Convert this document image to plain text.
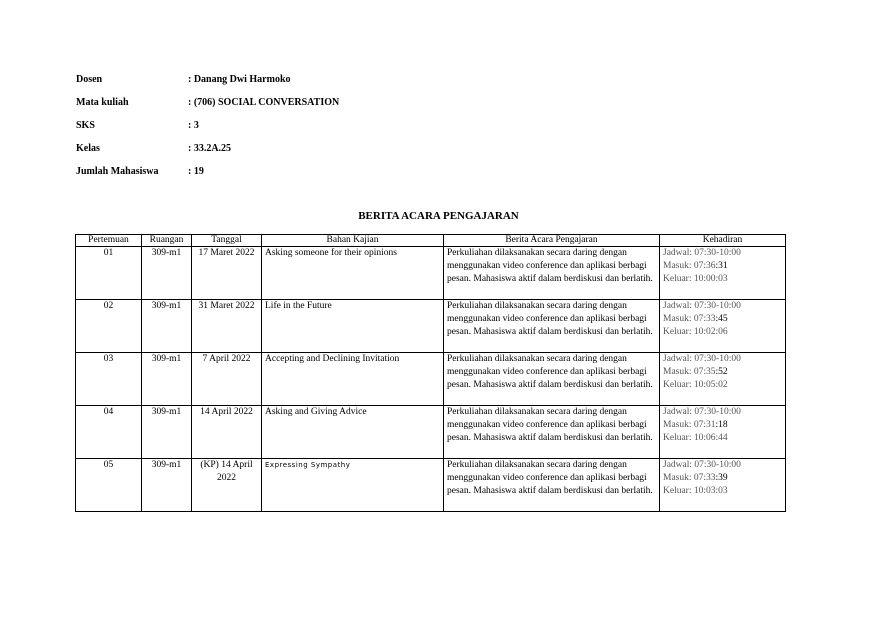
Dosen	: Danang Dwi Harmoko
Mata kuliah	: (706) SOCIAL CONVERSATION
SKS	: 3
Kelas	: 33.2A.25
Jumlah Mahasiswa	: 19
BERITA ACARA PENGAJARAN
Pertemuan	Ruangan	Tanggal	Bahan Kajian	Berita Acara Pengajaran	Kehadiran
01	309-m1	17 Maret 2022	Asking someone for their opinions	Perkuliahan dilaksanakan secara daring dengan menggunakan video conference dan aplikasi berbagi pesan. Mahasiswa aktif dalam berdiskusi dan berlatih.	Jadwal: 07:30-10:00
Masuk: 07:36:31
Keluar: 10:00:03

02	309-m1	31 Maret 2022	Life in the Future	Perkuliahan dilaksanakan secara daring dengan menggunakan video conference dan aplikasi berbagi pesan. Mahasiswa aktif dalam berdiskusi dan berlatih.	Jadwal: 07:30-10:00
Masuk: 07:33:45
Keluar: 10:02:06

03	309-m1	7 April 2022	Accepting and Declining Invitation	Perkuliahan dilaksanakan secara daring dengan menggunakan video conference dan aplikasi berbagi pesan. Mahasiswa aktif dalam berdiskusi dan berlatih.	Jadwal: 07:30-10:00
Masuk: 07:35:52
Keluar: 10:05:02

04	309-m1	14 April 2022	Asking and Giving Advice	Perkuliahan dilaksanakan secara daring dengan menggunakan video conference dan aplikasi berbagi pesan. Mahasiswa aktif dalam berdiskusi dan berlatih.	Jadwal: 07:30-10:00
Masuk: 07:31:18
Keluar: 10:06:44

05	309-m1	(KP) 14 April 2022	Expressing Sympathy	Perkuliahan dilaksanakan secara daring dengan menggunakan video conference dan aplikasi berbagi pesan. Mahasiswa aktif dalam berdiskusi dan berlatih.	Jadwal: 07:30-10:00
Masuk: 07:33:39
Keluar: 10:03:03
